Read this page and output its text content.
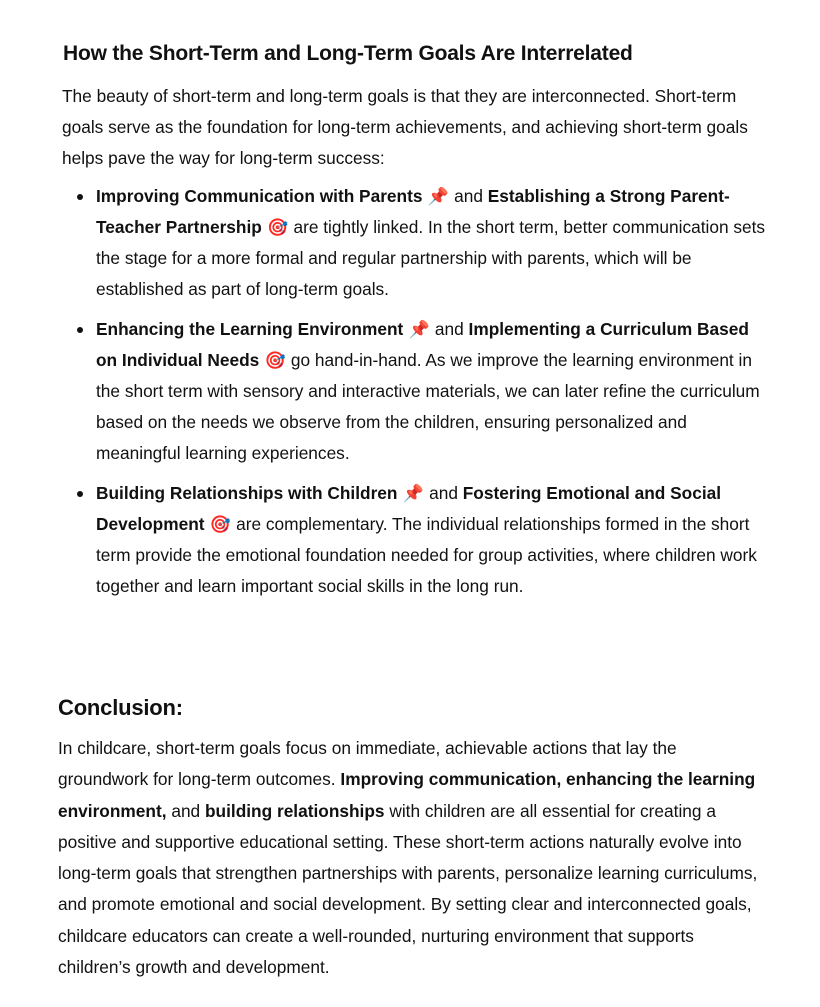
How the Short-Term and Long-Term Goals Are Interrelated

The beauty of short-term and long-term goals is that they are interconnected. Short-term goals serve as the foundation for long-term achievements, and achieving short-term goals helps pave the way for long-term success:

Improving Communication with Parents 📌 and Establishing a Strong Parent-Teacher Partnership 🎯 are tightly linked. In the short term, better communication sets the stage for a more formal and regular partnership with parents, which will be established as part of long-term goals.
Enhancing the Learning Environment 📌 and Implementing a Curriculum Based on Individual Needs 🎯 go hand-in-hand. As we improve the learning environment in the short term with sensory and interactive materials, we can later refine the curriculum based on the needs we observe from the children, ensuring personalized and meaningful learning experiences.
Building Relationships with Children 📌 and Fostering Emotional and Social Development 🎯 are complementary. The individual relationships formed in the short term provide the emotional foundation needed for group activities, where children work together and learn important social skills in the long run.
Conclusion:

In childcare, short-term goals focus on immediate, achievable actions that lay the groundwork for long-term outcomes. Improving communication, enhancing the learning environment, and building relationships with children are all essential for creating a positive and supportive educational setting. These short-term actions naturally evolve into long-term goals that strengthen partnerships with parents, personalize learning curriculums, and promote emotional and social development. By setting clear and interconnected goals, childcare educators can create a well-rounded, nurturing environment that supports children’s growth and development.
